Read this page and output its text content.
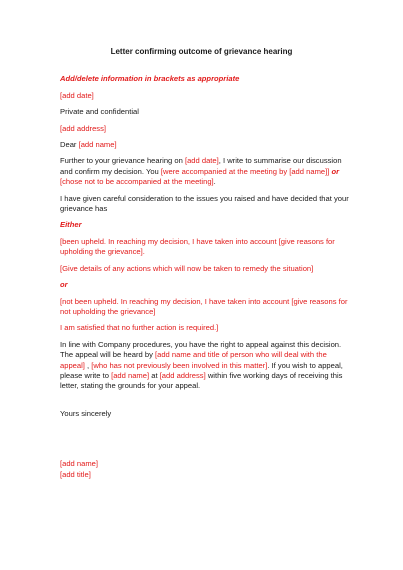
Letter confirming outcome of grievance hearing

Add/delete information in brackets as appropriate

[add date]

Private and confidential

[add address]

Dear [add name]

Further to your grievance hearing on [add date], I write to summarise our discussion and confirm my decision. You [were accompanied at the meeting by [add name]] or [chose not to be accompanied at the meeting].

I have given careful consideration to the issues you raised and have decided that your grievance has

Either

[been upheld. In reaching my decision, I have taken into account [give reasons for upholding the grievance].

[Give details of any actions which will now be taken to remedy the situation]

or

[not been upheld. In reaching my decision, I have taken into account [give reasons for not upholding the grievance]

I am satisfied that no further action is required.]

In line with Company procedures, you have the right to appeal against this decision. The appeal will be heard by [add name and title of person who will deal with the appeal] , [who has not previously been involved in this matter]. If you wish to appeal, please write to [add name] at [add address] within five working days of receiving this letter, stating the grounds for your appeal.

Yours sincerely

[add name]
[add title]
